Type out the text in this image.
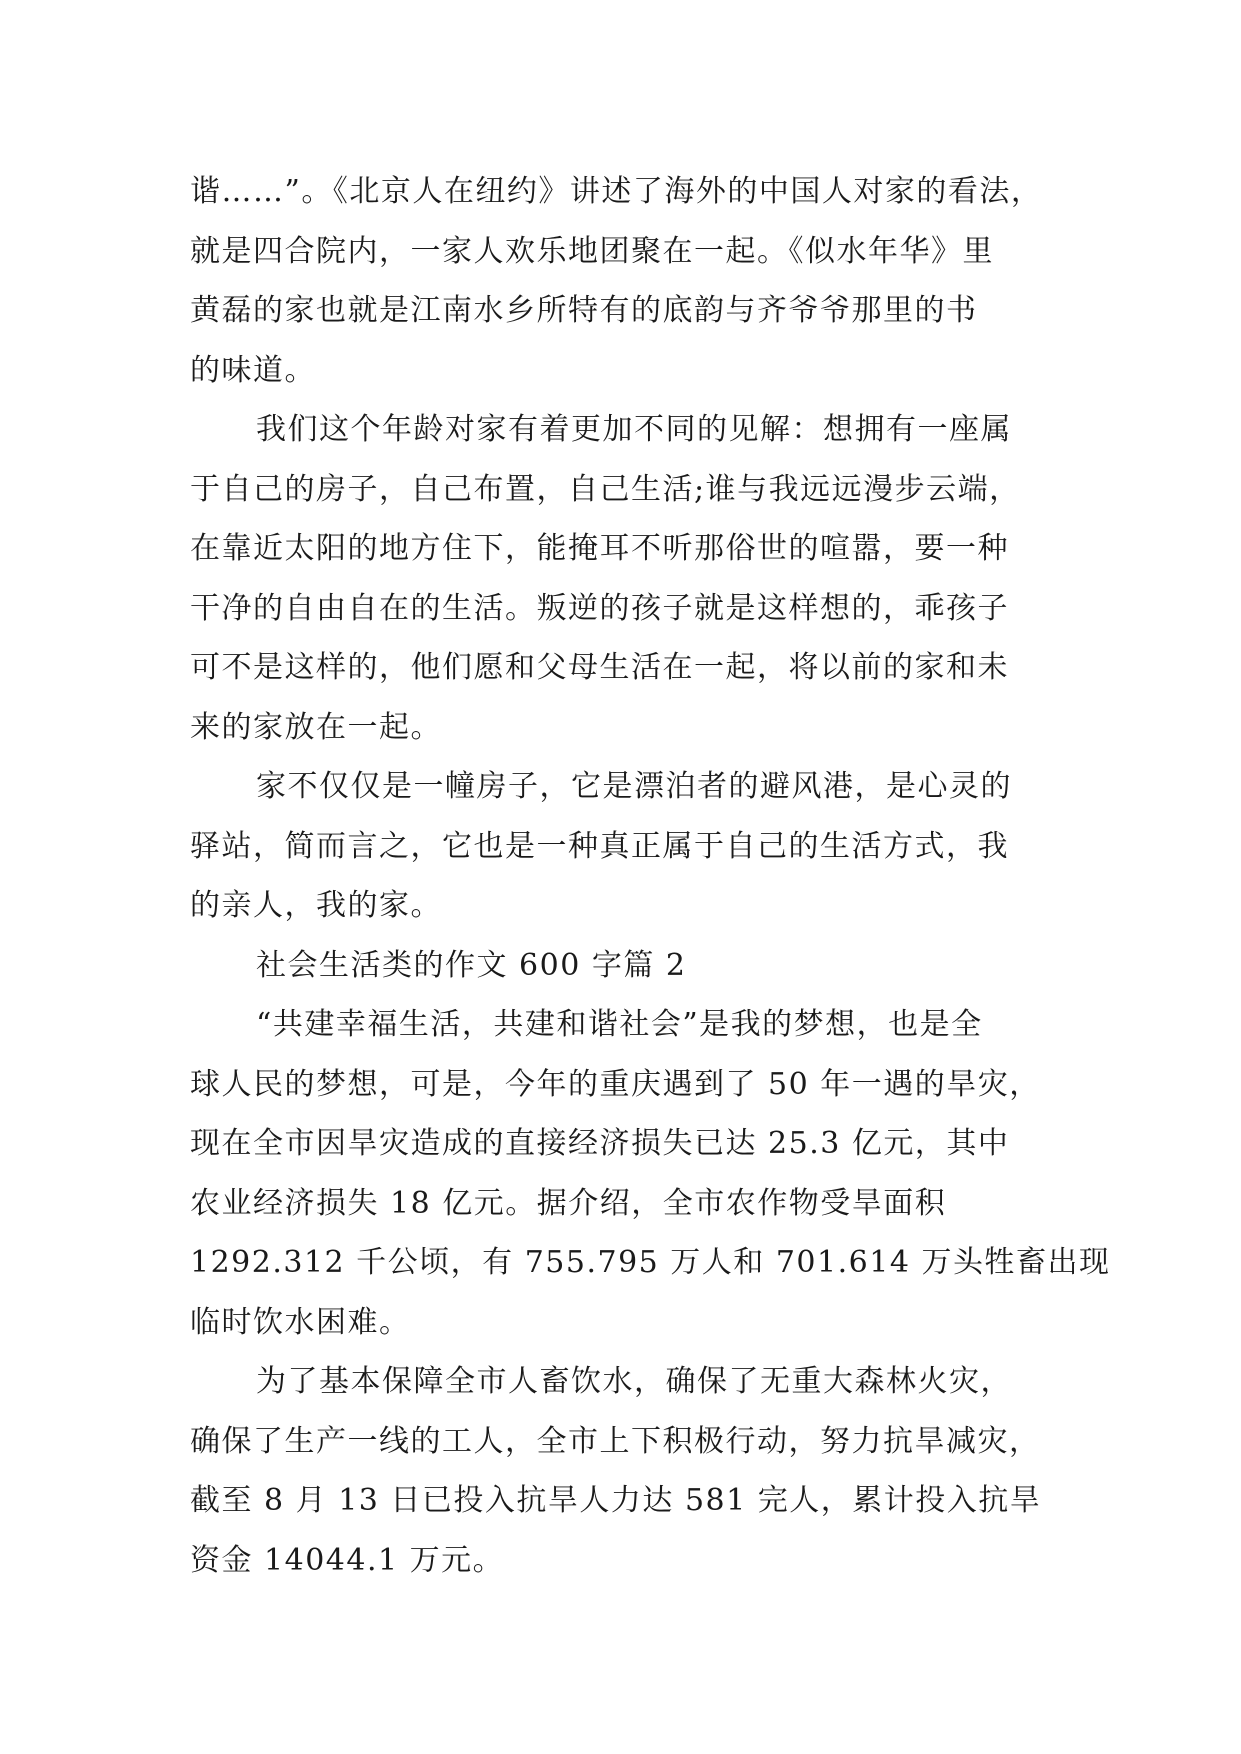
谐……”。《北京人在纽约》讲述了海外的中国人对家的看法，
就是四合院内，一家人欢乐地团聚在一起。《似水年华》里
黄磊的家也就是江南水乡所特有的底韵与齐爷爷那里的书
的味道。
我们这个年龄对家有着更加不同的见解：想拥有一座属
于自己的房子，自己布置，自己生活;谁与我远远漫步云端，
在靠近太阳的地方住下，能掩耳不听那俗世的喧嚣，要一种
干净的自由自在的生活。叛逆的孩子就是这样想的，乖孩子
可不是这样的，他们愿和父母生活在一起，将以前的家和未
来的家放在一起。
家不仅仅是一幢房子，它是漂泊者的避风港，是心灵的
驿站，简而言之，它也是一种真正属于自己的生活方式，我
的亲人，我的家。
社会生活类的作文 600 字篇 2
“共建幸福生活，共建和谐社会”是我的梦想，也是全
球人民的梦想，可是，今年的重庆遇到了 50 年一遇的旱灾，
现在全市因旱灾造成的直接经济损失已达 25.3 亿元，其中
农业经济损失 18 亿元。据介绍，全市农作物受旱面积
1292.312 千公顷，有 755.795 万人和 701.614 万头牲畜出现
临时饮水困难。
为了基本保障全市人畜饮水，确保了无重大森林火灾，
确保了生产一线的工人，全市上下积极行动，努力抗旱减灾，
截至 8 月 13 日已投入抗旱人力达 581 完人，累计投入抗旱
资金 14044.1 万元。
